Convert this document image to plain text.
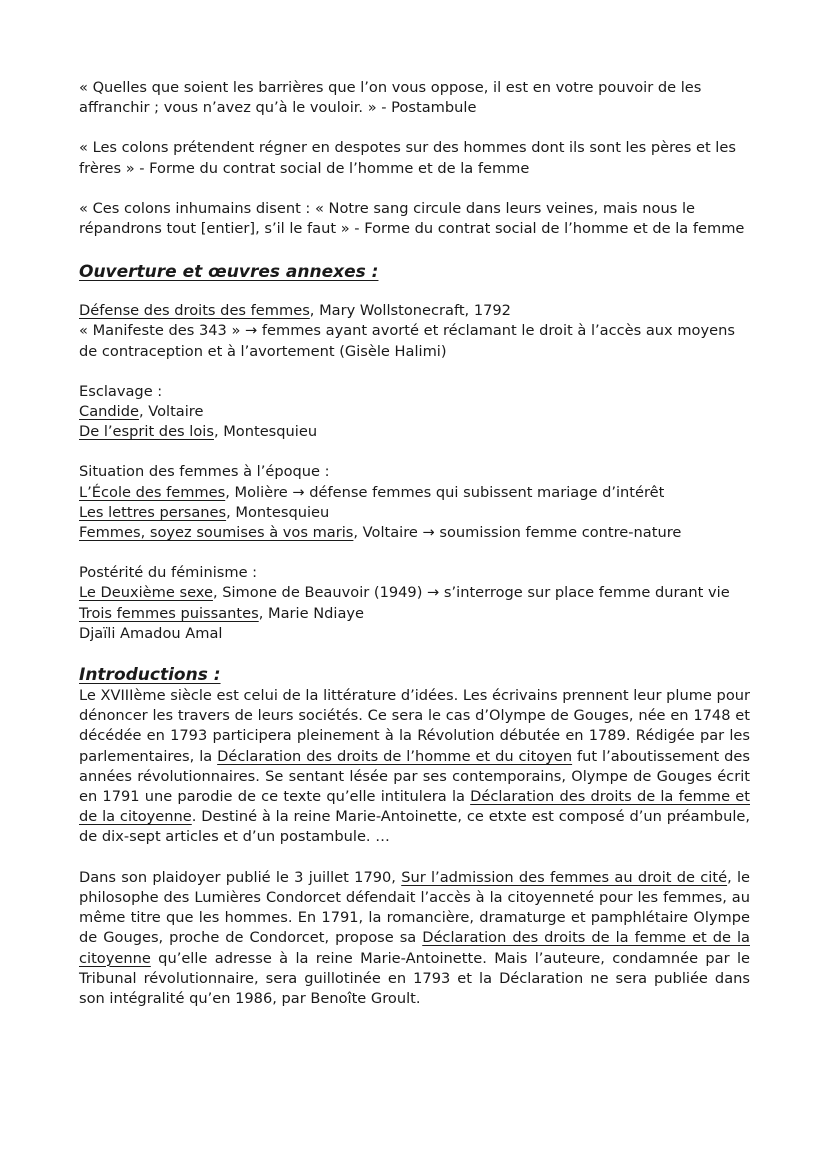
« Quelles que soient les barrières que l’on vous oppose, il est en votre pouvoir de les affranchir ; vous n’avez qu’à le vouloir. » - Postambule

« Les colons prétendent régner en despotes sur des hommes dont ils sont les pères et les frères » - Forme du contrat social de l’homme et de la femme

« Ces colons inhumains disent : « Notre sang circule dans leurs veines, mais nous le répandrons tout [entier], s’il le faut » - Forme du contrat social de l’homme et de la femme

Ouverture et œuvres annexes :

Défense des droits des femmes, Mary Wollstonecraft, 1792

« Manifeste des 343 » → femmes ayant avorté et réclamant le droit à l’accès aux moyens de contraception et à l’avortement (Gisèle Halimi)

Esclavage :

Candide, Voltaire

De l’esprit des lois, Montesquieu

Situation des femmes à l’époque :

L’École des femmes, Molière → défense femmes qui subissent mariage d’intérêt

Les lettres persanes, Montesquieu

Femmes, soyez soumises à vos maris, Voltaire → soumission femme contre-nature

Postérité du féminisme :

Le Deuxième sexe, Simone de Beauvoir (1949) → s’interroge sur place femme durant vie

Trois femmes puissantes, Marie Ndiaye

Djaïli Amadou Amal

Introductions :

Le XVIIIème siècle est celui de la littérature d’idées. Les écrivains prennent leur plume pour dénoncer les travers de leurs sociétés. Ce sera le cas d’Olympe de Gouges, née en 1748 et décédée en 1793 participera pleinement à la Révolution débutée en 1789. Rédigée par les parlementaires, la Déclaration des droits de l’homme et du citoyen fut l’aboutissement des années révolutionnaires. Se sentant lésée par ses contemporains, Olympe de Gouges écrit en 1791 une parodie de ce texte qu’elle intitulera la Déclaration des droits de la femme et de la citoyenne. Destiné à la reine Marie-Antoinette, ce etxte est composé d’un préambule, de dix-sept articles et d’un postambule. …

Dans son plaidoyer publié le 3 juillet 1790, Sur l’admission des femmes au droit de cité, le philosophe des Lumières Condorcet défendait l’accès à la citoyenneté pour les femmes, au même titre que les hommes. En 1791, la romancière, dramaturge et pamphlétaire Olympe de Gouges, proche de Condorcet, propose sa Déclaration des droits de la femme et de la citoyenne qu’elle adresse à la reine Marie-Antoinette. Mais l’auteure, condamnée par le Tribunal révolutionnaire, sera guillotinée en 1793 et la Déclaration ne sera publiée dans son intégralité qu’en 1986, par Benoîte Groult.
